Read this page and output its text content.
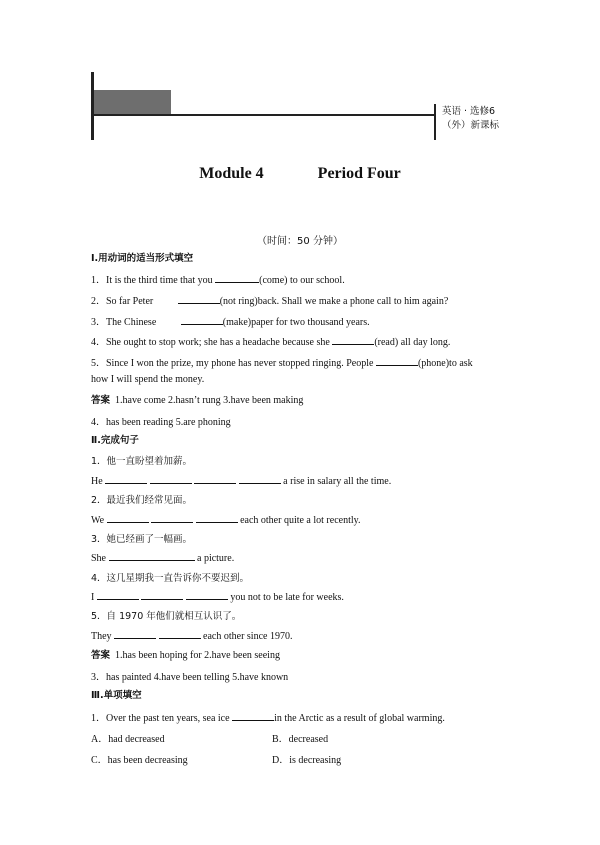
英语 · 选修6
（外）新课标
Module 4	Period Four
（时间：50 分钟）
Ⅰ.用动词的适当形式填空
1．It is the third time that you	(come) to our school.
2．So far Peter	(not ring)back. Shall we make a phone call to him again?
3．The Chinese	(make)paper for two thousand years.
4．She ought to stop work; she has a headache because she	(read) all day long.
5．Since I won the prize, my phone has never stopped ringing. People	(phone)to ask
how I will spend the money.
答案 1.have come 2.hasn’t rung 3.have been making
4．has been reading 5.are phoning
Ⅱ.完成句子
1．他一直盼望着加薪。
He	a rise in salary all the time.
2．最近我们经常见面。
We	each other quite a lot recently.
3．她已经画了一幅画。
She	a picture.
4．这几星期我一直告诉你不要迟到。
I	you not to be late for weeks.
5．自 1970 年他们就相互认识了。
They	each other since 1970.
答案 1.has been hoping for 2.have been seeing
3．has painted 4.have been telling 5.have known
Ⅲ.单项填空
1．Over the past ten years, sea ice	in the Arctic as a result of global warming.
A．had decreased	B．decreased
C．has been decreasing	D．is decreasing
